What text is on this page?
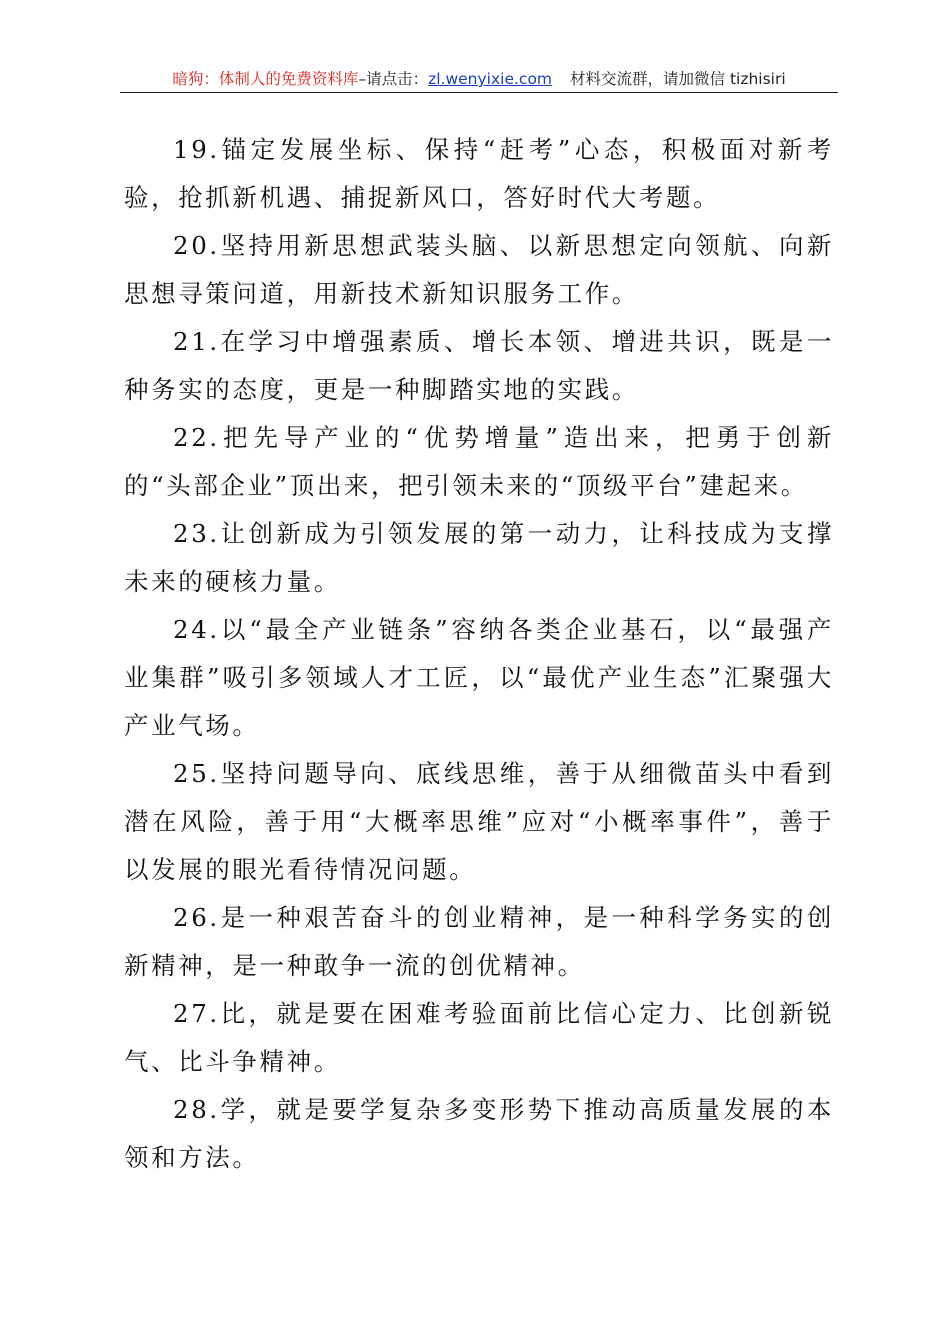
暗狗：体制人的免费资料库–请点击：zl.wenyixie.com 材料交流群，请加微信 tizhisiri

19.锚定发展坐标、保持“赶考”心态，积极面对新考验，抢抓新机遇、捕捉新风口，答好时代大考题。

20.坚持用新思想武装头脑、以新思想定向领航、向新思想寻策问道，用新技术新知识服务工作。

21.在学习中增强素质、增长本领、增进共识，既是一种务实的态度，更是一种脚踏实地的实践。

22.把先导产业的“优势增量”造出来，把勇于创新的“头部企业”顶出来，把引领未来的“顶级平台”建起来。

23.让创新成为引领发展的第一动力，让科技成为支撑未来的硬核力量。

24.以“最全产业链条”容纳各类企业基石，以“最强产业集群”吸引多领域人才工匠，以“最优产业生态”汇聚强大产业气场。

25.坚持问题导向、底线思维，善于从细微苗头中看到潜在风险，善于用“大概率思维”应对“小概率事件”，善于以发展的眼光看待情况问题。

26.是一种艰苦奋斗的创业精神，是一种科学务实的创新精神，是一种敢争一流的创优精神。

27.比，就是要在困难考验面前比信心定力、比创新锐气、比斗争精神。

28.学，就是要学复杂多变形势下推动高质量发展的本领和方法。
